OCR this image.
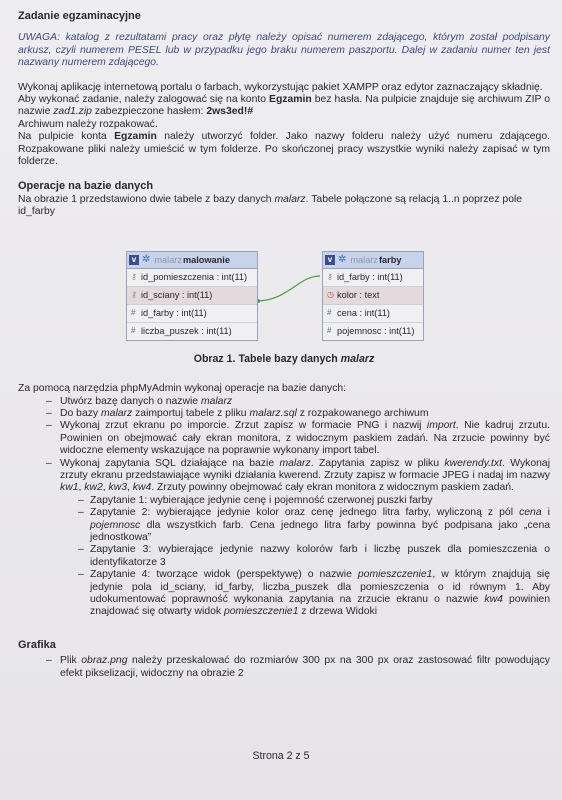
Zadanie egzaminacyjne

UWAGA: katalog z rezultatami pracy oraz płytę należy opisać numerem zdającego, którym został podpisany arkusz, czyli numerem PESEL lub w przypadku jego braku numerem paszportu. Dalej w zadaniu numer ten jest nazwany numerem zdającego.

Wykonaj aplikację internetową portalu o farbach, wykorzystując pakiet XAMPP oraz edytor zaznaczający składnię.

Aby wykonać zadanie, należy zalogować się na konto Egzamin bez hasła. Na pulpicie znajduje się archiwum ZIP o nazwie zad1.zip zabezpieczone hasłem: 2ws3ed!#

Archiwum należy rozpakować.

Na pulpicie konta Egzamin należy utworzyć folder. Jako nazwy folderu należy użyć numeru zdającego. Rozpakowane pliki należy umieścić w tym folderze. Po skończonej pracy wszystkie wyniki należy zapisać w tym folderze.

Operacje na bazie danych

Na obrazie 1 przedstawiono dwie tabele z bazy danych malarz. Tabele połączone są relacją 1..n poprzez pole id_farby

v ✲ malarz malowanie
⚷ id_pomieszczenia : int(11)
⚷ id_sciany : int(11)
# id_farby : int(11)
# liczba_puszek : int(11)
v ✲ malarz farby
⚷ id_farby : int(11)
◷ kolor : text
# cena : int(11)
# pojemnosc : int(11)
Obraz 1. Tabele bazy danych malarz

Za pomocą narzędzia phpMyAdmin wykonaj operacje na bazie danych:

– Utwórz bazę danych o nazwie malarz
– Do bazy malarz zaimportuj tabele z pliku malarz.sql z rozpakowanego archiwum
– Wykonaj zrzut ekranu po imporcie. Zrzut zapisz w formacie PNG i nazwij import. Nie kadruj zrzutu. Powinien on obejmować cały ekran monitora, z widocznym paskiem zadań. Na zrzucie powinny być widoczne elementy wskazujące na poprawnie wykonany import tabel.
– Wykonaj zapytania SQL działające na bazie malarz. Zapytania zapisz w pliku kwerendy.txt. Wykonaj zrzuty ekranu przedstawiające wyniki działania kwerend. Zrzuty zapisz w formacie JPEG i nadaj im nazwy kw1, kw2, kw3, kw4. Zrzuty powinny obejmować cały ekran monitora z widocznym paskiem zadań.
– Zapytanie 1: wybierające jedynie cenę i pojemność czerwonej puszki farby
– Zapytanie 2: wybierające jedynie kolor oraz cenę jednego litra farby, wyliczoną z pól cena i pojemnosc dla wszystkich farb. Cena jednego litra farby powinna być podpisana jako „cena jednostkowa”
– Zapytanie 3: wybierające jedynie nazwy kolorów farb i liczbę puszek dla pomieszczenia o identyfikatorze 3
– Zapytanie 4: tworzące widok (perspektywę) o nazwie pomieszczenie1, w którym znajdują się jedynie pola id_sciany, id_farby, liczba_puszek dla pomieszczenia o id równym 1. Aby udokumentować poprawność wykonania zapytania na zrzucie ekranu o nazwie kw4 powinien znajdować się otwarty widok pomieszczenie1 z drzewa Widoki
Grafika
– Plik obraz.png należy przeskalować do rozmiarów 300 px na 300 px oraz zastosować filtr powodujący efekt pikselizacji, widoczny na obrazie 2
Strona 2 z 5
